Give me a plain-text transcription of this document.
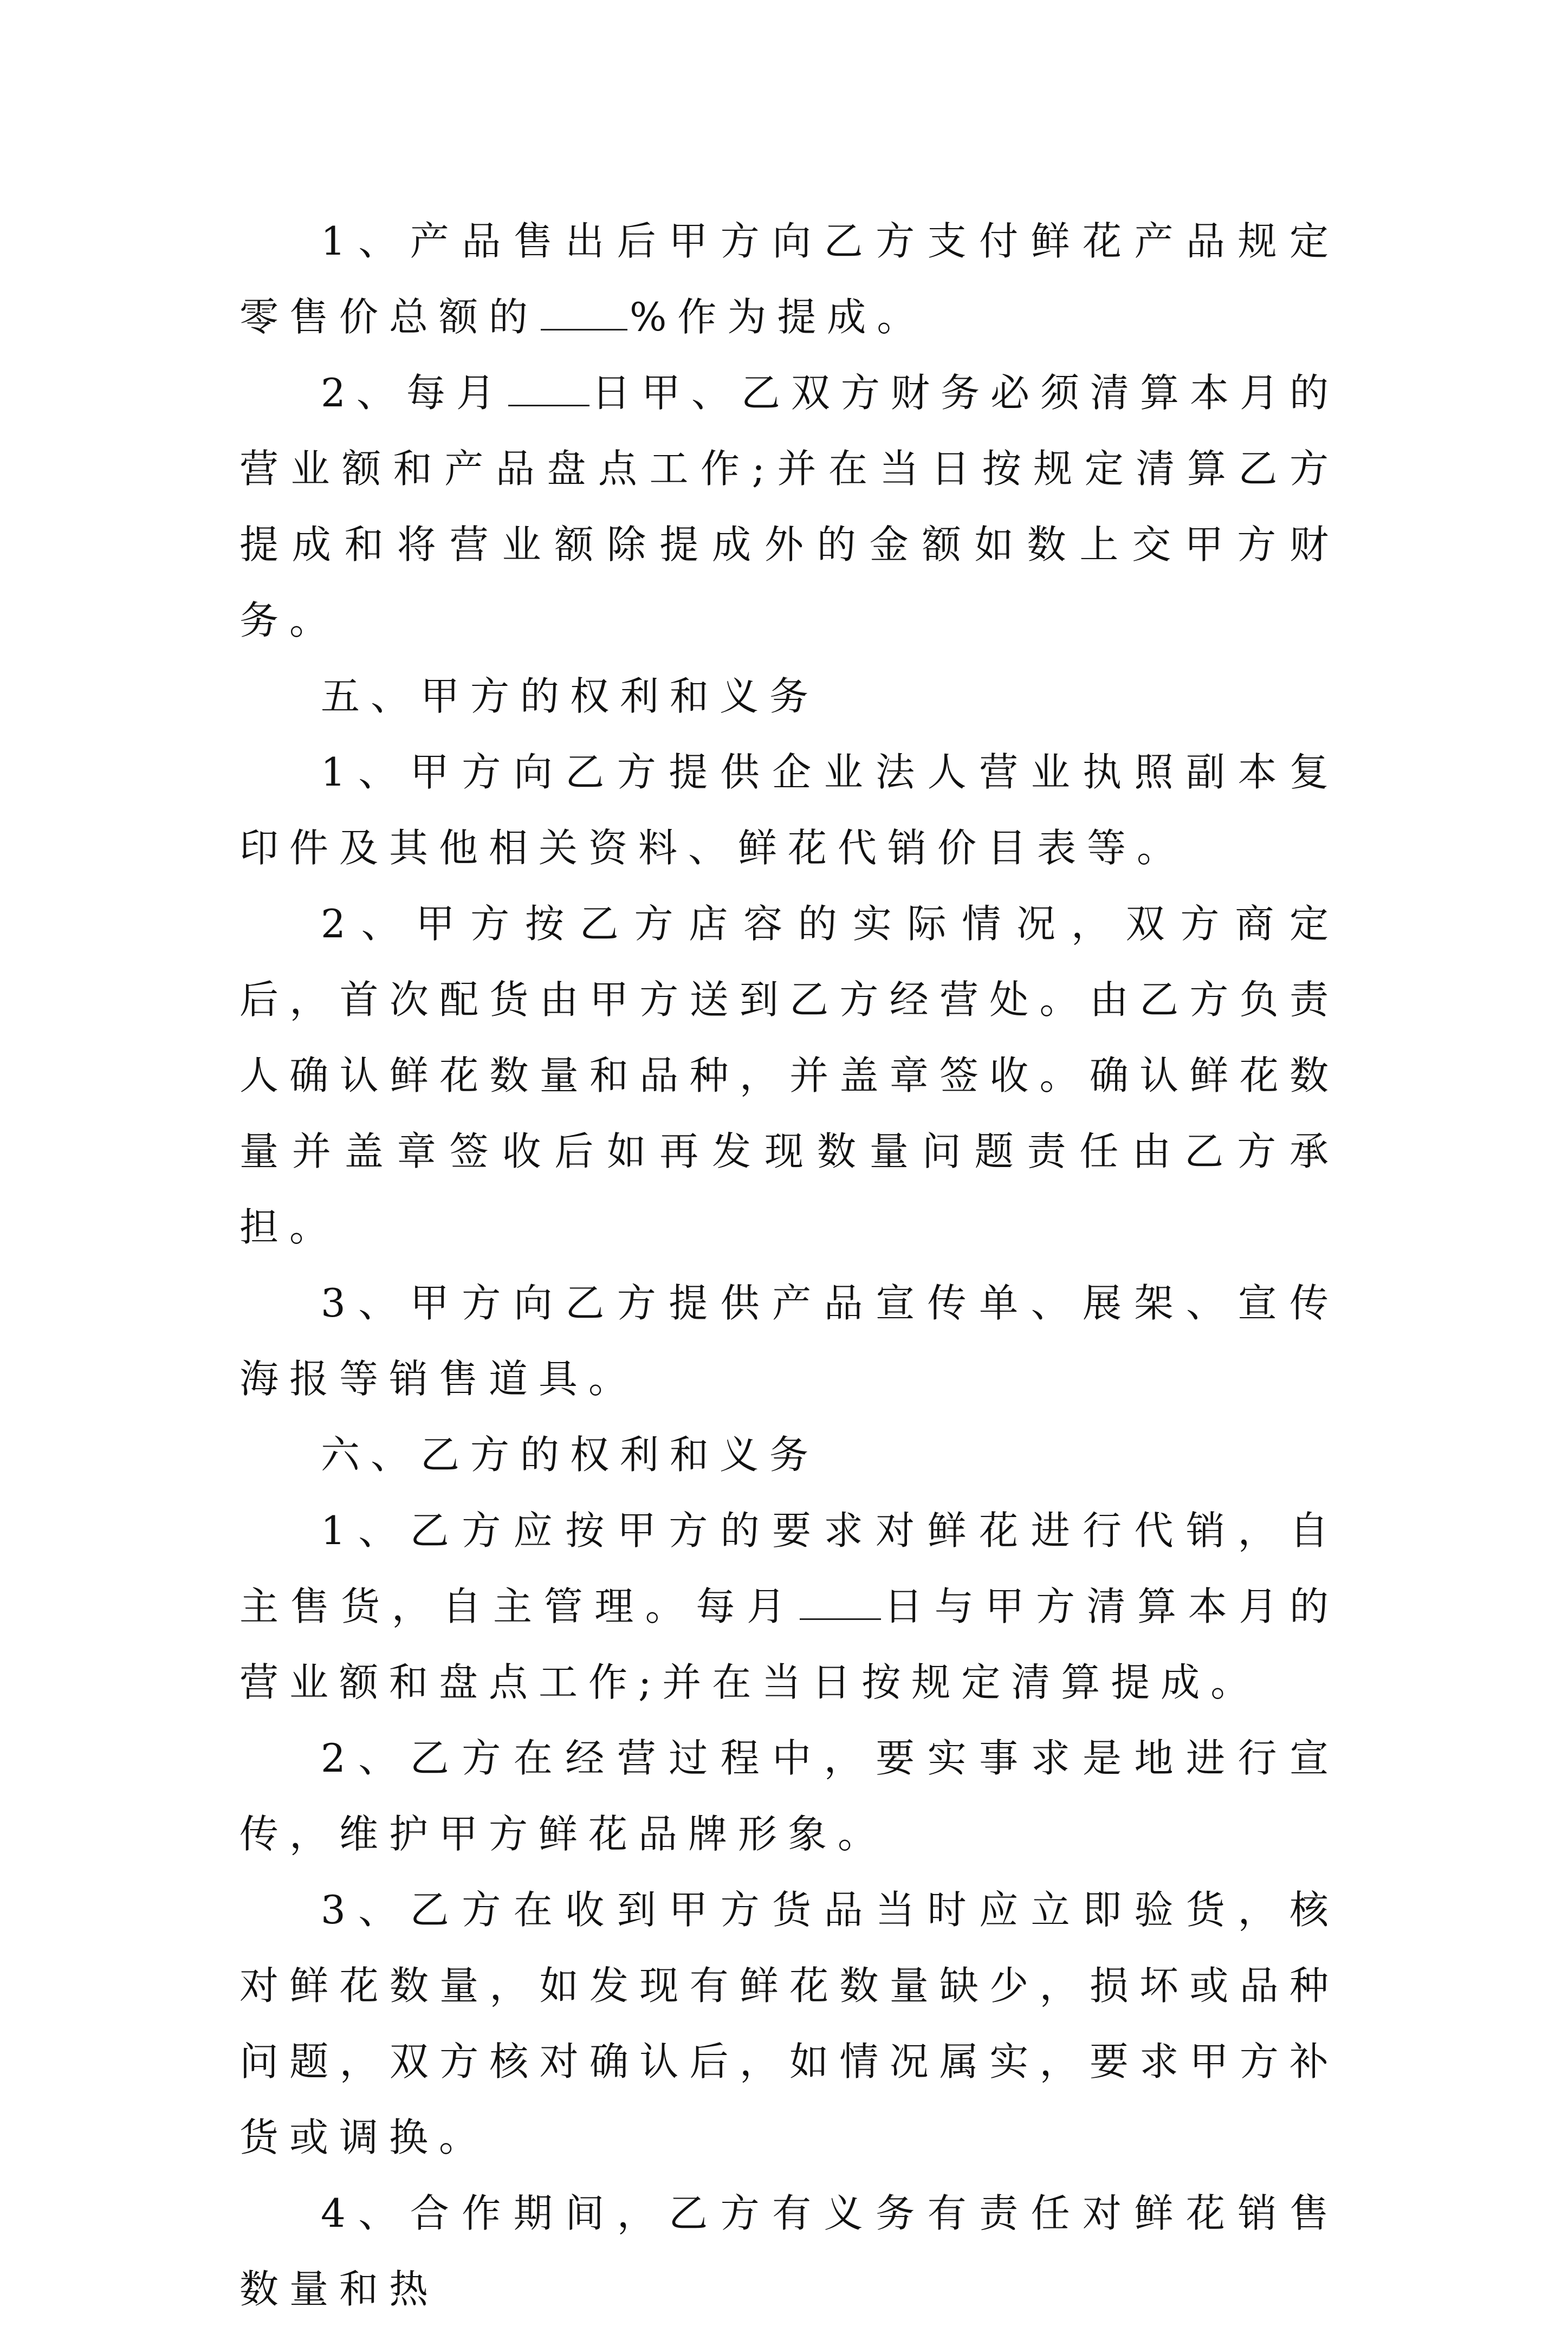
1、产品售出后甲方向乙方支付鲜花产品规定零售价总额的 %作为提成。

2、每月 日甲、乙双方财务必须清算本月的营业额和产品盘点工作;并在当日按规定清算乙方提成和将营业额除提成外的金额如数上交甲方财务。

五、甲方的权利和义务

1、甲方向乙方提供企业法人营业执照副本复印件及其他相关资料、鲜花代销价目表等。

2、甲方按乙方店容的实际情况，双方商定后，首次配货由甲方送到乙方经营处。由乙方负责人确认鲜花数量和品种，并盖章签收。确认鲜花数量并盖章签收后如再发现数量问题责任由乙方承担。

3、甲方向乙方提供产品宣传单、展架、宣传海报等销售道具。

六、乙方的权利和义务

1、乙方应按甲方的要求对鲜花进行代销，自主售货，自主管理。每月 日与甲方清算本月的营业额和盘点工作;并在当日按规定清算提成。

2、乙方在经营过程中，要实事求是地进行宣传，维护甲方鲜花品牌形象。

3、乙方在收到甲方货品当时应立即验货，核对鲜花数量，如发现有鲜花数量缺少，损坏或品种问题，双方核对确认后，如情况属实，要求甲方补货或调换。

4、合作期间，乙方有义务有责任对鲜花销售数量和热
